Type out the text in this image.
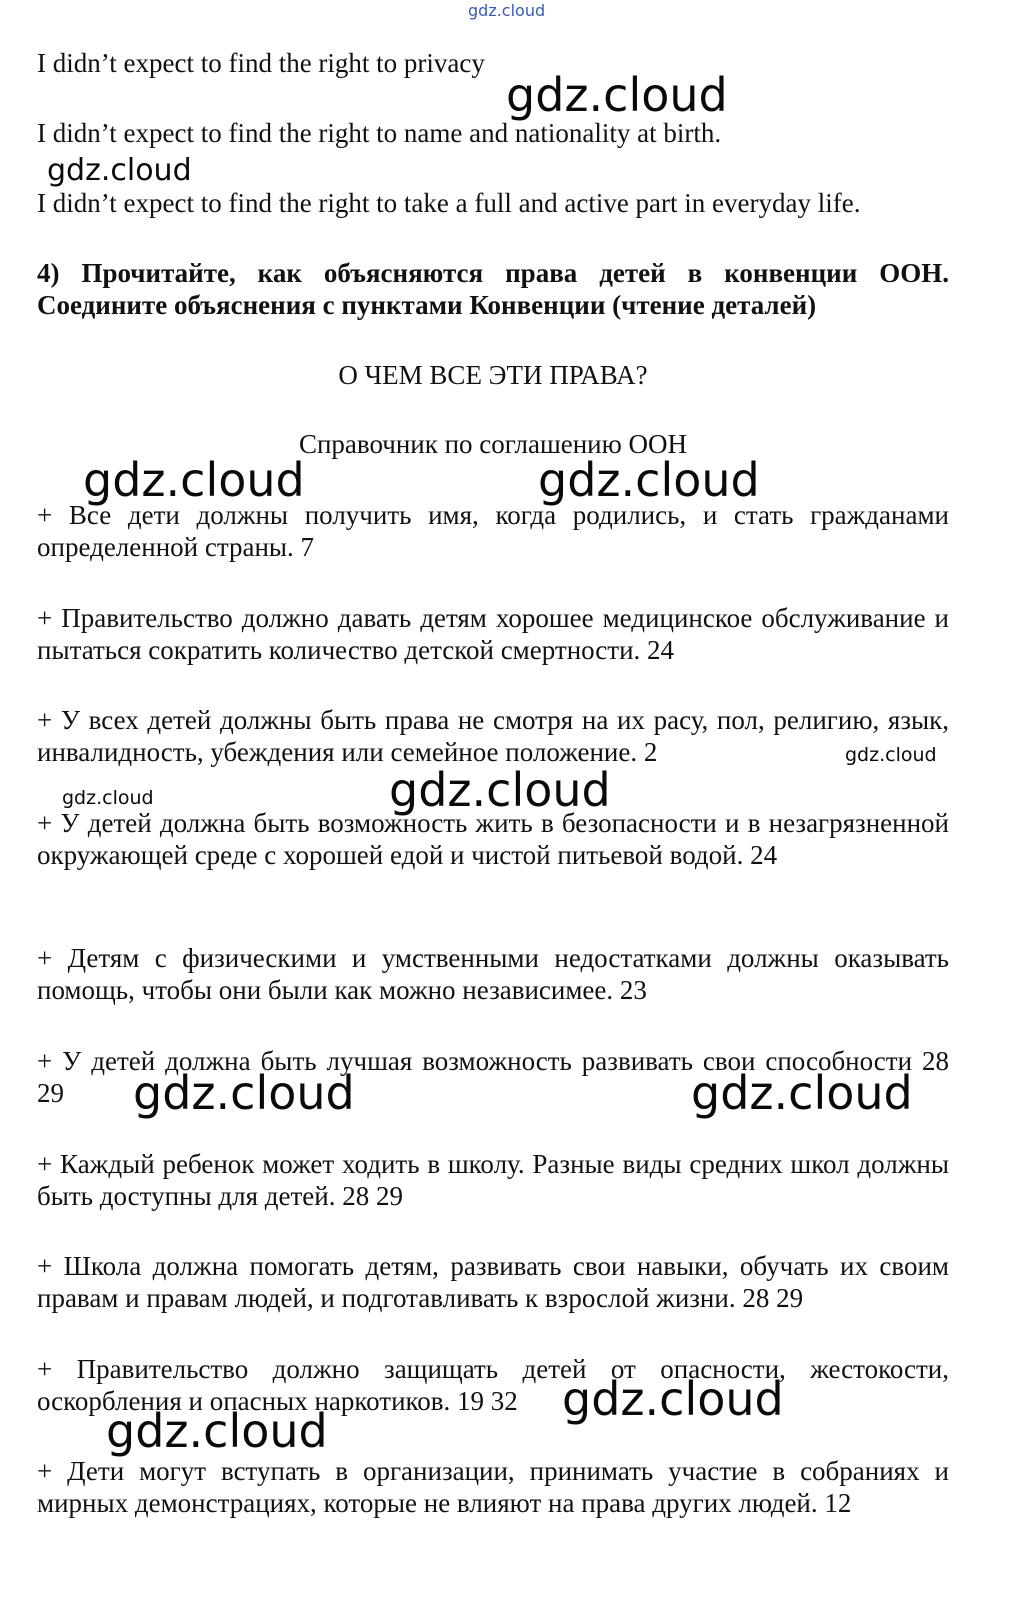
gdz.cloud
I didn’t expect to find the right to privacy
I didn’t expect to find the right to name and nationality at birth.
I didn’t expect to find the right to take a full and active part in everyday life.
4) Прочитайте, как объясняются права детей в конвенции ООН. Соедините объяснения с пунктами Конвенции (чтение деталей)
О ЧЕМ ВСЕ ЭТИ ПРАВА?
Справочник по соглашению ООН
+ Все дети должны получить имя, когда родились, и стать гражданами определенной страны. 7
+ Правительство должно давать детям хорошее медицинское обслуживание и пытаться сократить количество детской смертности. 24
+ У всех детей должны быть права не смотря на их расу, пол, религию, язык, инвалидность, убеждения или семейное положение. 2
+ У детей должна быть возможность жить в безопасности и в незагрязненной окружающей среде с хорошей едой и чистой питьевой водой. 24
+ Детям с физическими и умственными недостатками должны оказывать помощь, чтобы они были как можно независимее. 23
+ У детей должна быть лучшая возможность развивать свои способности 28 29
+ Каждый ребенок может ходить в школу. Разные виды средних школ должны быть доступны для детей. 28 29
+ Школа должна помогать детям, развивать свои навыки, обучать их своим правам и правам людей, и подготавливать к взрослой жизни. 28 29
+ Правительство должно защищать детей от опасности, жестокости, оскорбления и опасных наркотиков. 19 32
+ Дети могут вступать в организации, принимать участие в собраниях и мирных демонстрациях, которые не влияют на права других людей. 12
gdz.cloud
gdz.cloud
gdz.cloud	gdz.cloud
gdz.cloud
gdz.cloud	gdz.cloud
gdz.cloud	gdz.cloud
gdz.cloud
gdz.cloud
